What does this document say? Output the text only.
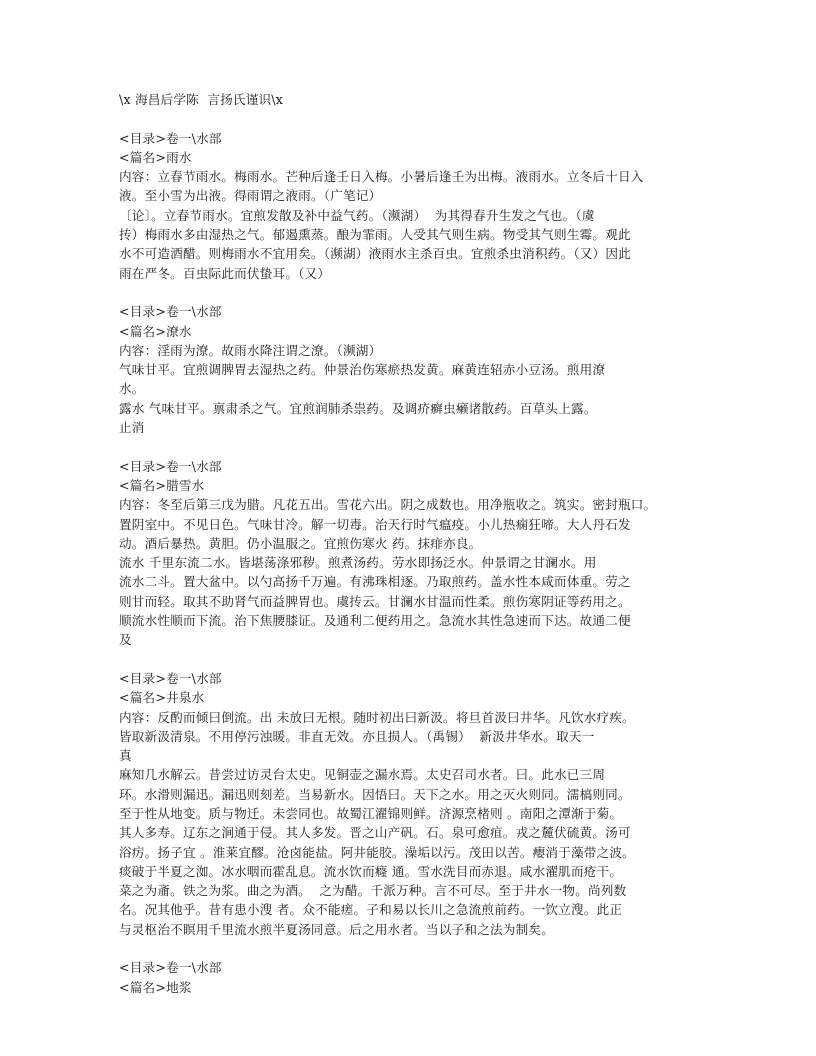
\x 海昌后学陈  言扬氏谨识\x
<目录>卷一\水部
<篇名>雨水
内容：立春节雨水。梅雨水。芒种后逢壬日入梅。小暑后逢壬为出梅。液雨水。立冬后十日入
液。至小雪为出液。得雨谓之液雨。（广笔记）
〔论〕。立春节雨水。宜煎发散及补中益气药。（濒湖）  为其得春升生发之气也。（虞
抟）梅雨水多由湿热之气。郁遏熏蒸。酿为霏雨。人受其气则生病。物受其气则生霉。观此
水不可造酒醋。则梅雨水不宜用矣。（濒湖）液雨水主杀百虫。宜煎杀虫消积药。（又）因此
雨在严冬。百虫际此而伏蛰耳。（又）
<目录>卷一\水部
<篇名>潦水
内容：淫雨为潦。故雨水降注谓之潦。（濒湖）
气味甘平。宜煎调脾胃去湿热之药。仲景治伤寒瘀热发黄。麻黄连轺赤小豆汤。煎用潦
水。
露水 气味甘平。禀肃杀之气。宜煎润肺杀祟药。及调疥癣虫癞诸散药。百草头上露。
止消
<目录>卷一\水部
<篇名>腊雪水
内容：冬至后第三戊为腊。凡花五出。雪花六出。阴之成数也。用净瓶收之。筑实。密封瓶口。
置阴室中。不见日色。气味甘冷。解一切毒。治天行时气瘟疫。小儿热痫狂啼。大人丹石发
动。酒后暴热。黄胆。仍小温服之。宜煎伤寒火 药。抹痱亦良。
流水 千里东流二水。皆堪荡涤邪秽。煎煮汤药。劳水即扬泛水。仲景谓之甘澜水。用
流水二斗。置大盆中。以勺高扬千万遍。有沸珠相逐。乃取煎药。盖水性本咸而体重。劳之
则甘而轻。取其不助肾气而益脾胃也。虞抟云。甘澜水甘温而性柔。煎伤寒阴证等药用之。
顺流水性顺而下流。治下焦腰膝证。及通利二便药用之。急流水其性急速而下达。故通二便
及
<目录>卷一\水部
<篇名>井泉水
内容：反酌而倾曰倒流。出 未放曰无根。随时初出曰新汲。将旦首汲曰井华。凡饮水疗疾。
皆取新汲清泉。不用停污浊暖。非直无效。亦且损人。（禹锡）  新汲井华水。取天一
真
麻知几水解云。昔尝过访灵台太史。见铜壶之漏水焉。太史召司水者。曰。此水已三周
环。水滑则漏迅。漏迅则刻差。当易新水。因悟曰。天下之水。用之灭火则同。濡槁则同。
至于性从地变。质与物迁。未尝同也。故蜀江濯锦则鲜。济源烹楮则 。南阳之潭渐于菊。
其人多寿。辽东之涧通于侵。其人多发。晋之山产矾。石。泉可愈疽。戎之麓伏硫黄。汤可
浴疠。扬子宜 。淮莱宜醪。沧卤能盐。阿井能胶。澡垢以污。茂田以苦。瘿消于藻带之波。
痰破于半夏之洳。冰水咽而霍乱息。流水饮而癃 通。雪水洗目而赤退。咸水濯肌而疮干。
菜之为齑。铁之为浆。曲之为酒。  之为醋。千派万种。言不可尽。至于井水一物。尚列数
名。况其他乎。昔有患小溲 者。众不能瘥。子和易以长川之急流煎前药。一饮立溲。此正
与灵枢治不瞑用千里流水煎半夏汤同意。后之用水者。当以子和之法为制矣。
<目录>卷一\水部
<篇名>地浆
